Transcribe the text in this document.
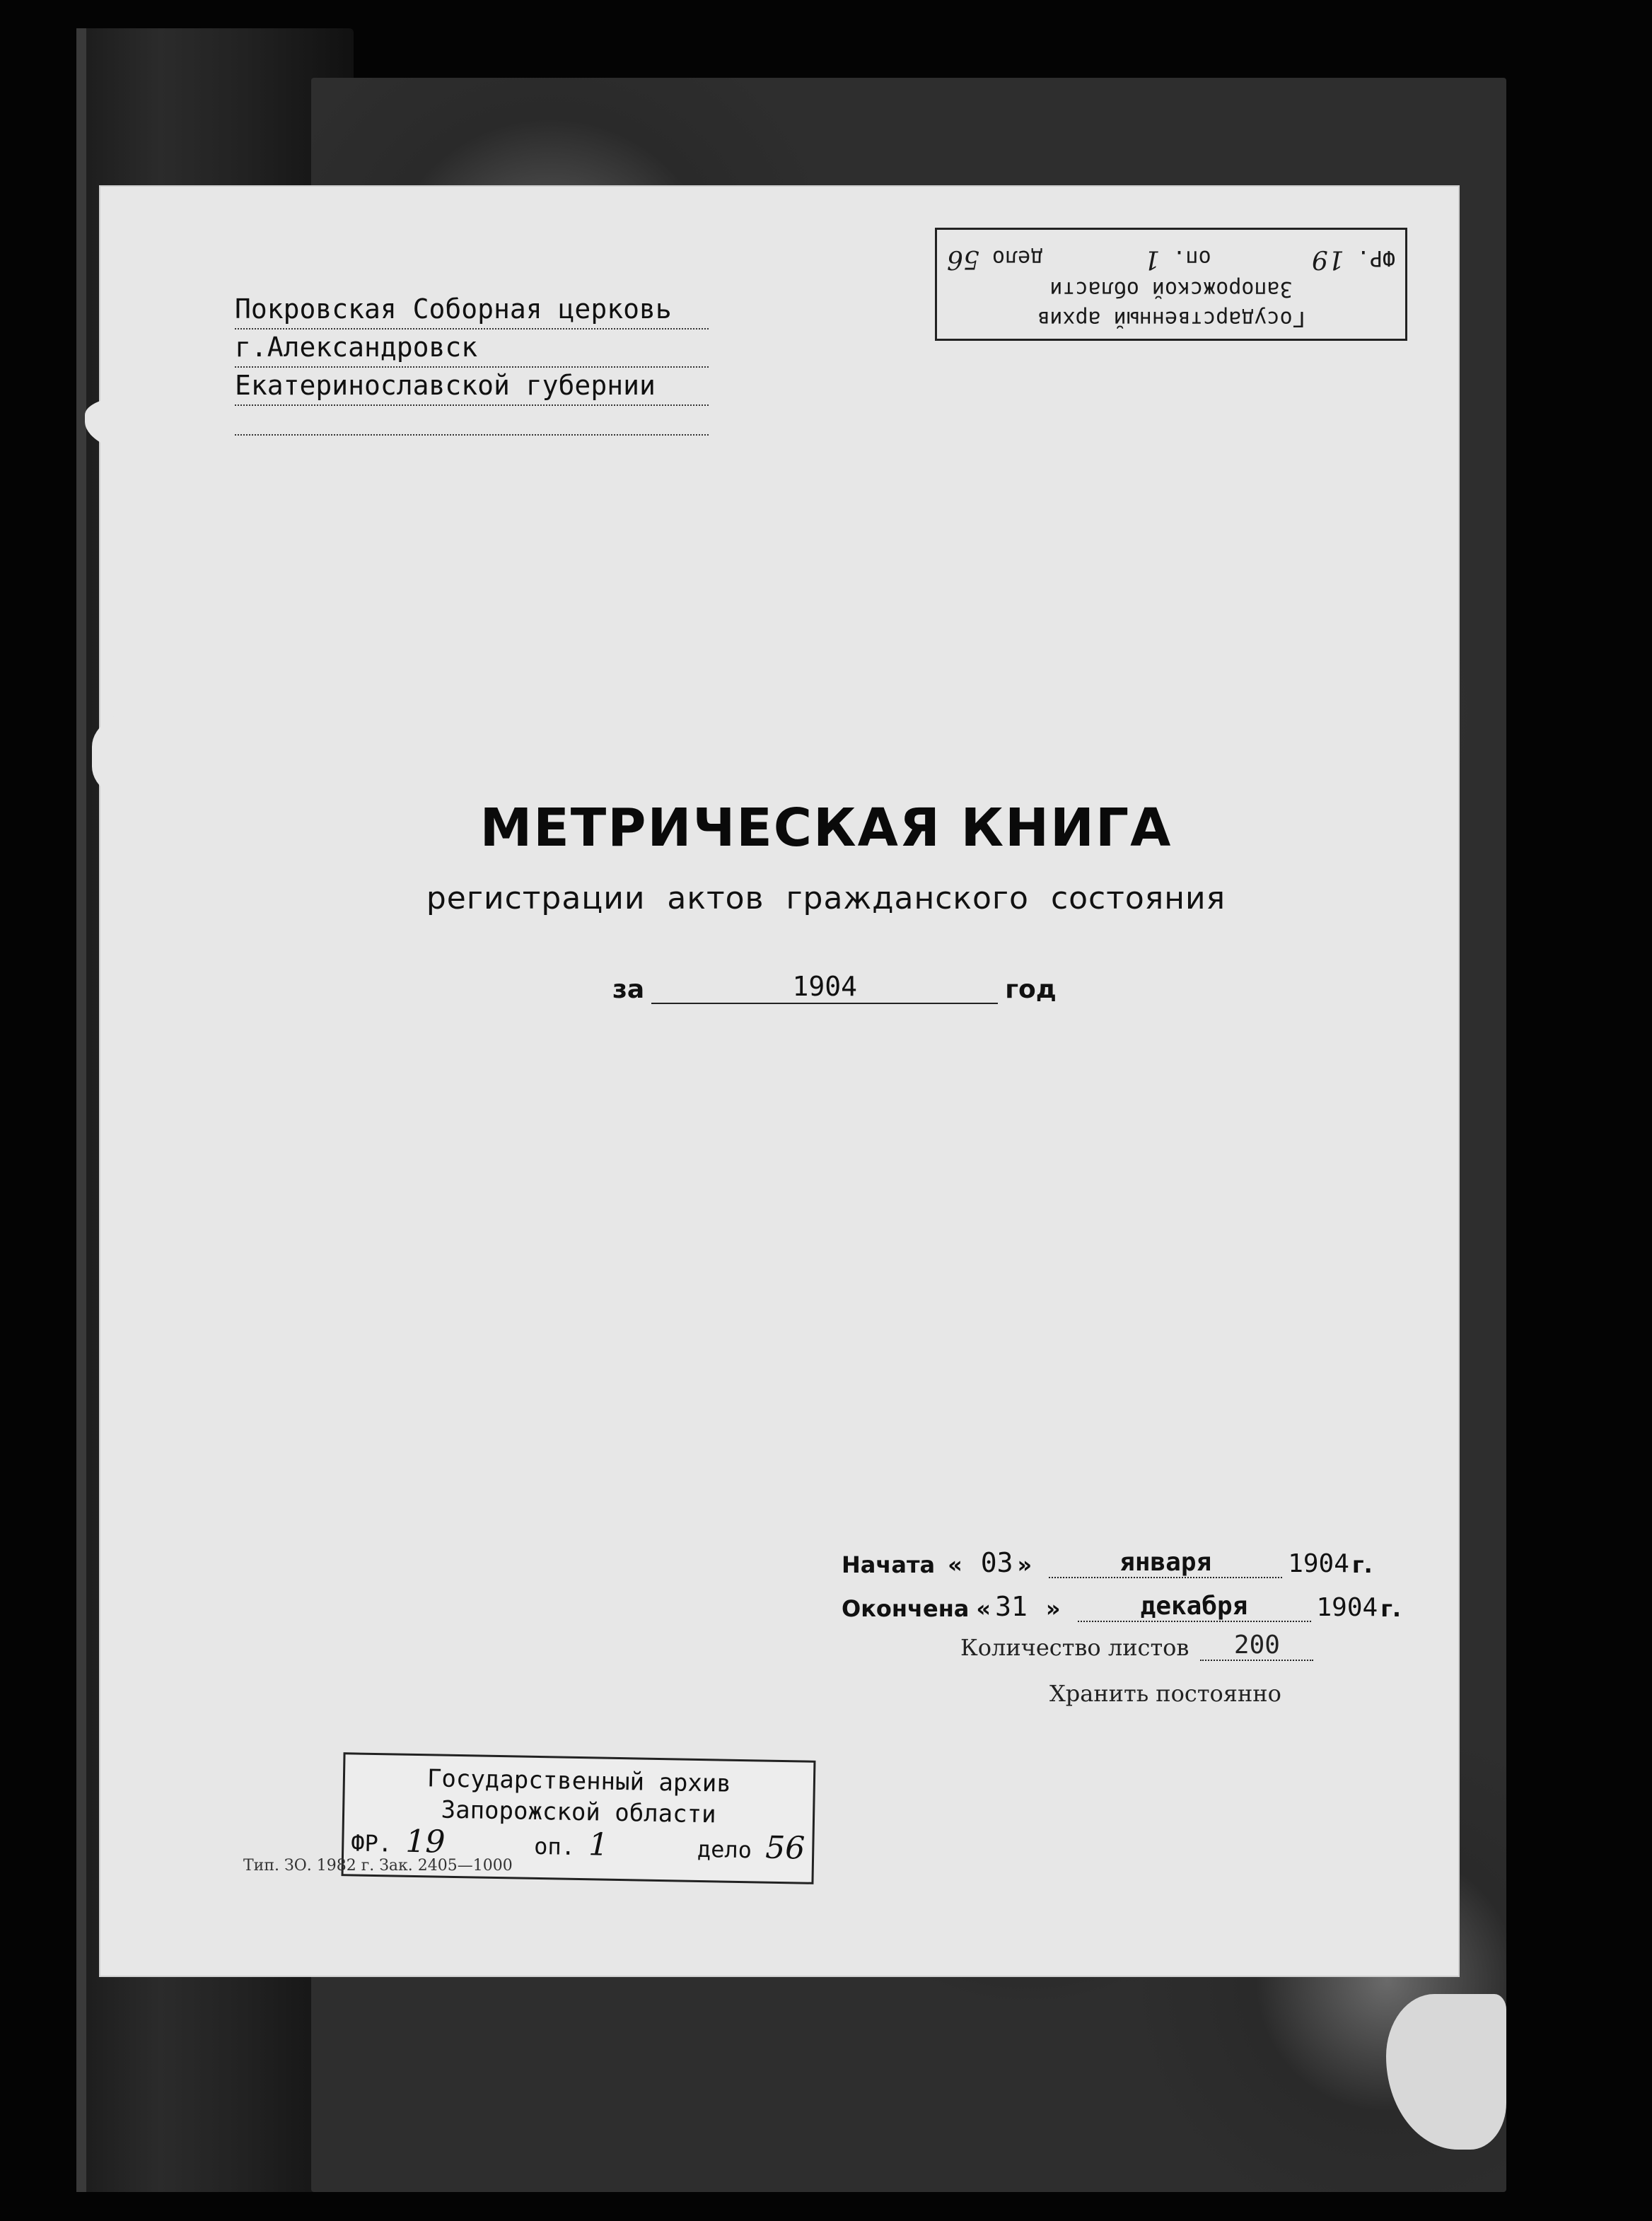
Государственный архив
Запорожской области
ФР. 19
оп. 1
дело 56
Покровская Соборная церковь
г.Александровск
Екатеринославской губернии
МЕТРИЧЕСКАЯ КНИГА
регистрации актов гражданского состояния
за	1904	год
Начата « 03 »	января	1904 г.
Окончена « 31 »	декабря	1904 г.
Количество листов	200
Хранить постоянно
Государственный архив
Запорожской области
ФР. 19	оп. 1	дело 56
Тип. ЗО. 1982 г. Зак. 2405—1000
